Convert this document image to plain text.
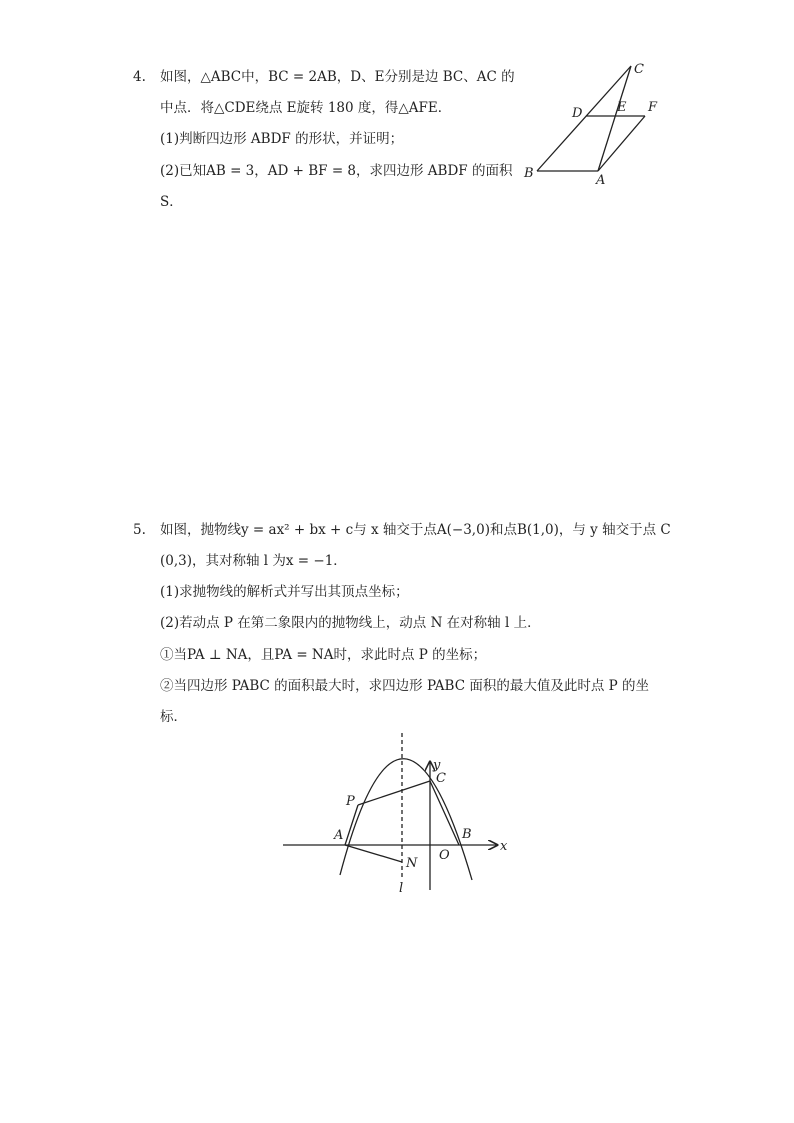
4. 如图，△ABC中，BC = 2AB，D、E分别是边 BC、AC 的
中点．将△CDE绕点 E旋转 180 度，得△AFE．
(1)判断四边形 ABDF 的形状，并证明；
(2)已知AB = 3，AD + BF = 8，求四边形 ABDF 的面积
S．
C
D	E F
B	A
5. 如图，抛物线y = ax² + bx + c与 x 轴交于点A(−3,0)和点B(1,0)，与 y 轴交于点 C
(0,3)，其对称轴 l 为x = −1．
(1)求抛物线的解析式并写出其顶点坐标；
(2)若动点 P 在第二象限内的抛物线上，动点 N 在对称轴 l 上．
①当PA ⊥ NA，且PA = NA时，求此时点 P 的坐标；
②当四边形 PABC 的面积最大时，求四边形 PABC 面积的最大值及此时点 P 的坐
标．
y
x
C
P
A	B
O
N
l
